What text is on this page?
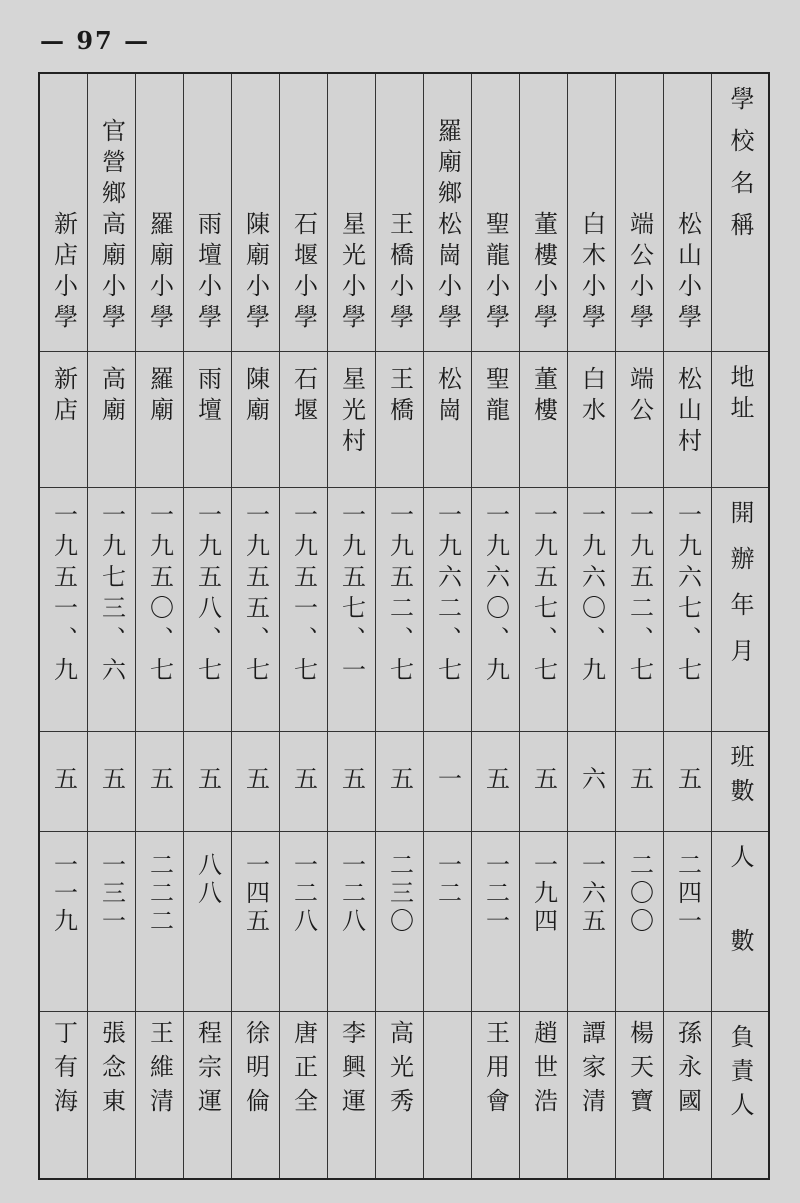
— 97 —
學校名稱
地址
開辦年月
班數
人數
負責人
松山小學
松山村
一九六七、七
五
二四一
孫永國
端公小學
端公
一九五二、七
五
二〇〇
楊天寶
白木小學
白水
一九六〇、九
六
一六五
譚家清
董樓小學
董樓
一九五七、七
五
一九四
趙世浩
聖龍小學
聖龍
一九六〇、九
五
一二一
王用會
羅廟鄉松崗小學
松崗
一九六二、七
一
一二
王橋小學
王橋
一九五二、七
五
二三〇
高光秀
星光小學
星光村
一九五七、一
五
一二八
李興運
石堰小學
石堰
一九五一、七
五
一二八
唐正全
陳廟小學
陳廟
一九五五、七
五
一四五
徐明倫
雨壇小學
雨壇
一九五八、七
五
八八
程宗運
羅廟小學
羅廟
一九五〇、七
五
二二二
王維清
官營鄉高廟小學
高廟
一九七三、六
五
一三一
張念東
新店小學
新店
一九五一、九
五
一一九
丁有海
